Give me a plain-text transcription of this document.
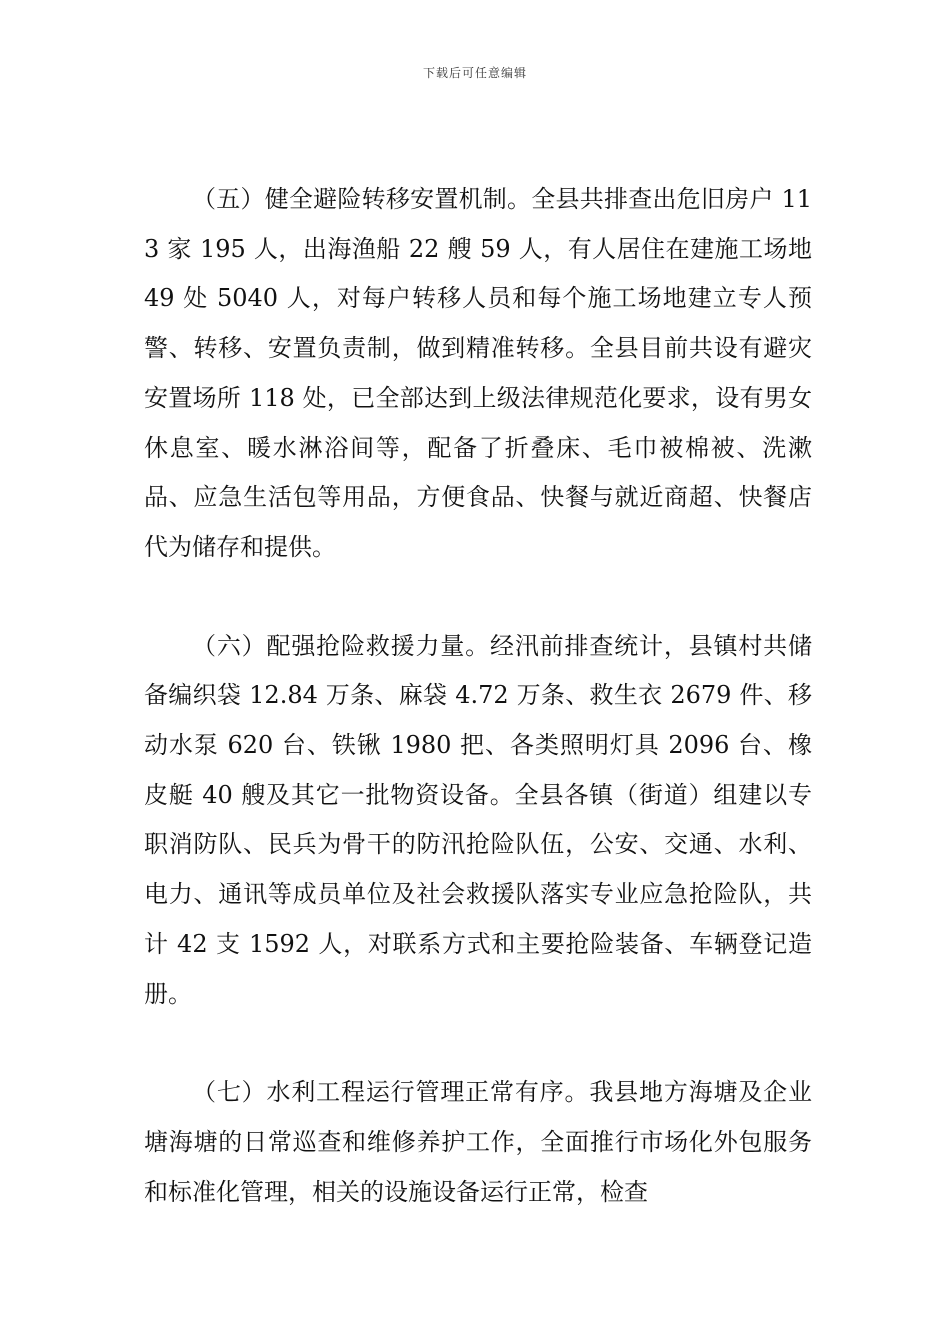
下载后可任意编辑

（五）健全避险转移安置机制。全县共排查出危旧房户 113 家 195 人，出海渔船 22 艘 59 人，有人居住在建施工场地 49 处 5040 人，对每户转移人员和每个施工场地建立专人预警、转移、安置负责制，做到精准转移。全县目前共设有避灾安置场所 118 处，已全部达到上级法律规范化要求，设有男女休息室、暖水淋浴间等，配备了折叠床、毛巾被棉被、洗漱品、应急生活包等用品，方便食品、快餐与就近商超、快餐店代为储存和提供。

（六）配强抢险救援力量。经汛前排查统计，县镇村共储备编织袋 12.84 万条、麻袋 4.72 万条、救生衣 2679 件、移动水泵 620 台、铁锹 1980 把、各类照明灯具 2096 台、橡皮艇 40 艘及其它一批物资设备。全县各镇（街道）组建以专职消防队、民兵为骨干的防汛抢险队伍，公安、交通、水利、电力、通讯等成员单位及社会救援队落实专业应急抢险队，共计 42 支 1592 人，对联系方式和主要抢险装备、车辆登记造册。

（七）水利工程运行管理正常有序。我县地方海塘及企业塘海塘的日常巡查和维修养护工作，全面推行市场化外包服务和标准化管理，相关的设施设备运行正常，检查
